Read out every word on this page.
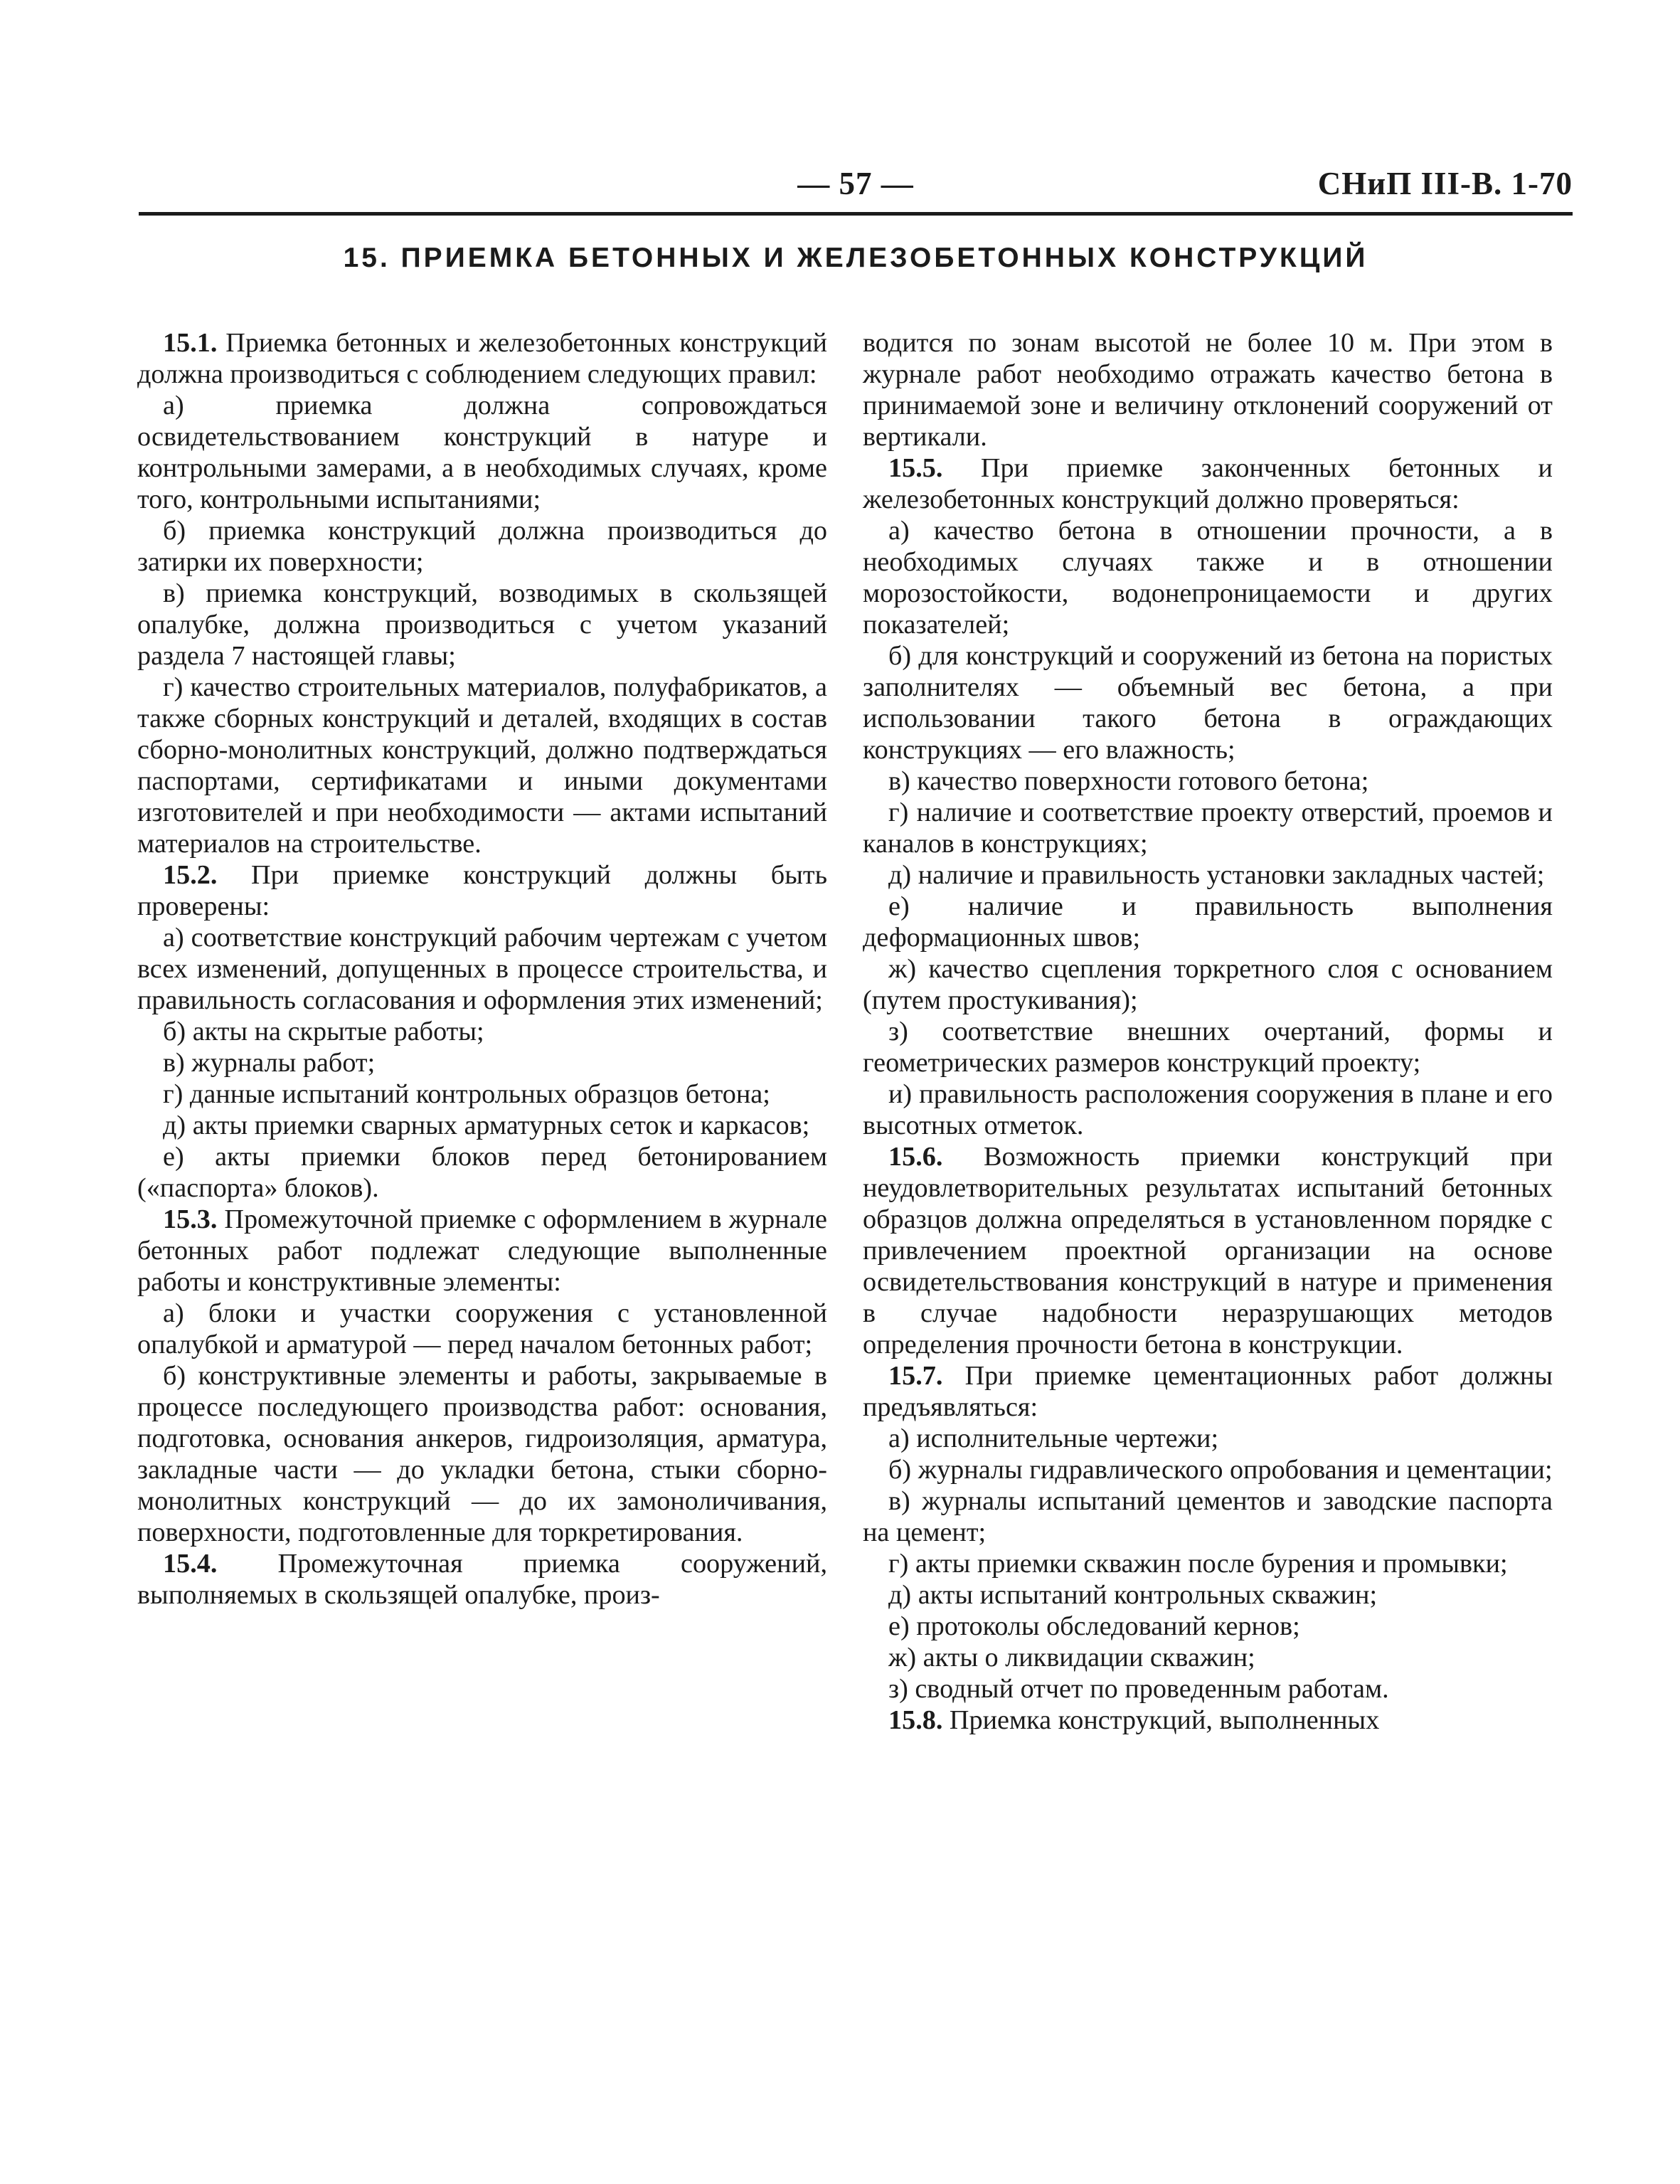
— 57 —	СНиП III-В. 1-70
15. ПРИЕМКА БЕТОННЫХ И ЖЕЛЕЗОБЕТОННЫХ КОНСТРУКЦИЙ

15.1. Приемка бетонных и железобетонных конструкций должна производиться с соблюдением следующих правил:

а) приемка должна сопровождаться освидетельствованием конструкций в натуре и контрольными замерами, а в необходимых случаях, кроме того, контрольными испытаниями;

б) приемка конструкций должна производиться до затирки их поверхности;

в) приемка конструкций, возводимых в скользящей опалубке, должна производиться с учетом указаний раздела 7 настоящей главы;

г) качество строительных материалов, полуфабрикатов, а также сборных конструкций и деталей, входящих в состав сборно-монолитных конструкций, должно подтверждаться паспортами, сертификатами и иными документами изготовителей и при необходимости — актами испытаний материалов на строительстве.

15.2. При приемке конструкций должны быть проверены:

а) соответствие конструкций рабочим чертежам с учетом всех изменений, допущенных в процессе строительства, и правильность согласования и оформления этих изменений;

б) акты на скрытые работы;

в) журналы работ;

г) данные испытаний контрольных образцов бетона;

д) акты приемки сварных арматурных сеток и каркасов;

е) акты приемки блоков перед бетонированием («паспорта» блоков).

15.3. Промежуточной приемке с оформлением в журнале бетонных работ подлежат следующие выполненные работы и конструктивные элементы:

а) блоки и участки сооружения с установленной опалубкой и арматурой — перед началом бетонных работ;

б) конструктивные элементы и работы, закрываемые в процессе последующего производства работ: основания, подготовка, основания анкеров, гидроизоляция, арматура, закладные части — до укладки бетона, стыки сборно-монолитных конструкций — до их замоноличивания, поверхности, подготовленные для торкретирования.

15.4. Промежуточная приемка сооружений, выполняемых в скользящей опалубке, произ-

водится по зонам высотой не более 10 м. При этом в журнале работ необходимо отражать качество бетона в принимаемой зоне и величину отклонений сооружений от вертикали.

15.5. При приемке законченных бетонных и железобетонных конструкций должно проверяться:

а) качество бетона в отношении прочности, а в необходимых случаях также и в отношении морозостойкости, водонепроницаемости и других показателей;

б) для конструкций и сооружений из бетона на пористых заполнителях — объемный вес бетона, а при использовании такого бетона в ограждающих конструкциях — его влажность;

в) качество поверхности готового бетона;

г) наличие и соответствие проекту отверстий, проемов и каналов в конструкциях;

д) наличие и правильность установки закладных частей;

е) наличие и правильность выполнения деформационных швов;

ж) качество сцепления торкретного слоя с основанием (путем простукивания);

з) соответствие внешних очертаний, формы и геометрических размеров конструкций проекту;

и) правильность расположения сооружения в плане и его высотных отметок.

15.6. Возможность приемки конструкций при неудовлетворительных результатах испытаний бетонных образцов должна определяться в установленном порядке с привлечением проектной организации на основе освидетельствования конструкций в натуре и применения в случае надобности неразрушающих методов определения прочности бетона в конструкции.

15.7. При приемке цементационных работ должны предъявляться:

а) исполнительные чертежи;

б) журналы гидравлического опробования и цементации;

в) журналы испытаний цементов и заводские паспорта на цемент;

г) акты приемки скважин после бурения и промывки;

д) акты испытаний контрольных скважин;

е) протоколы обследований кернов;

ж) акты о ликвидации скважин;

з) сводный отчет по проведенным работам.

15.8. Приемка конструкций, выполненных
